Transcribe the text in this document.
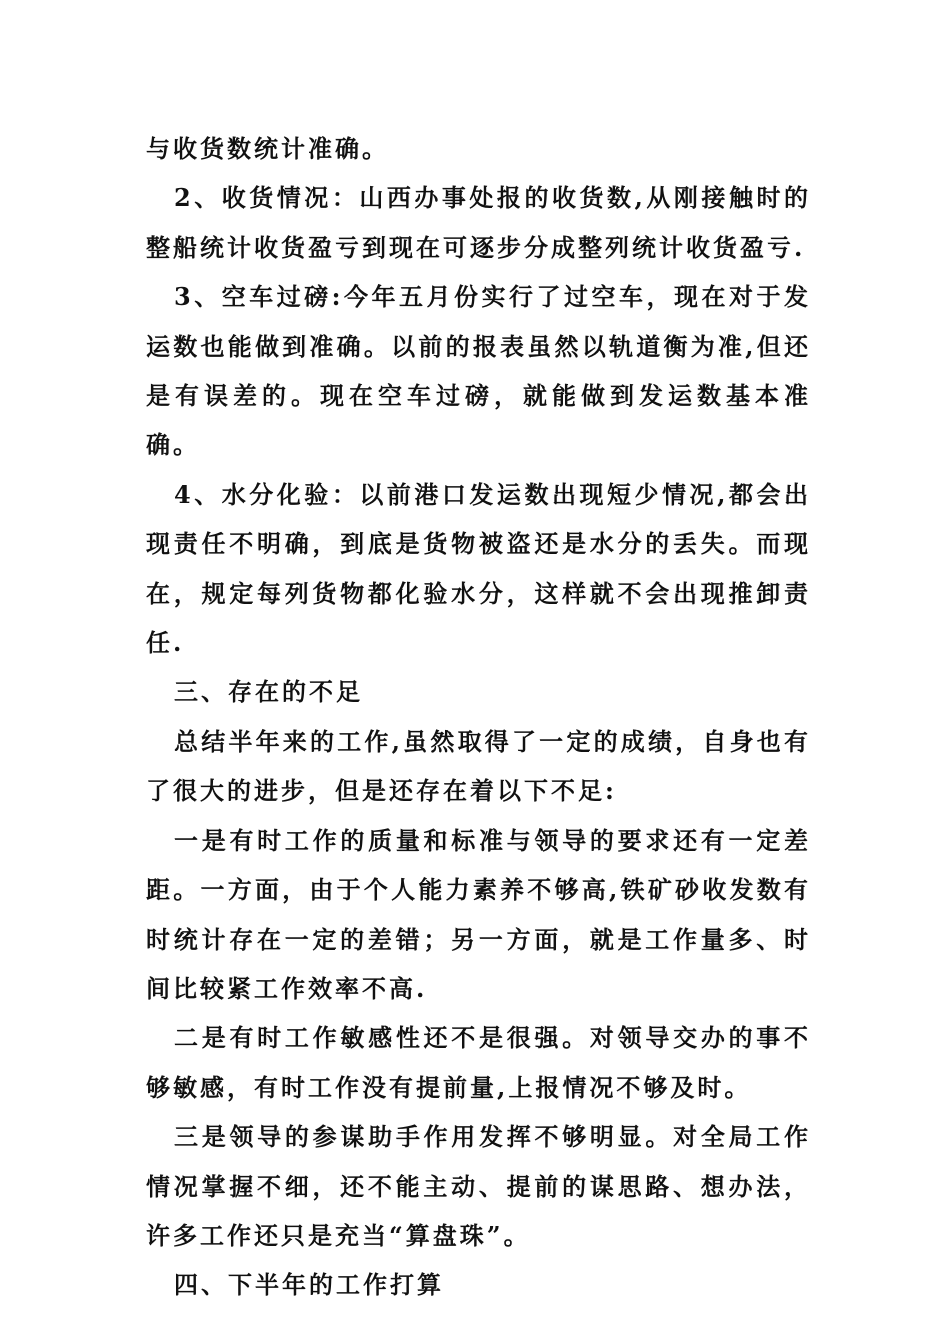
与收货数统计准确。

2、收货情况：山西办事处报的收货数,从刚接触时的整船统计收货盈亏到现在可逐步分成整列统计收货盈亏.

3、空车过磅:今年五月份实行了过空车，现在对于发运数也能做到准确。以前的报表虽然以轨道衡为准,但还是有误差的。现在空车过磅，就能做到发运数基本准确。

4、水分化验：以前港口发运数出现短少情况,都会出现责任不明确，到底是货物被盗还是水分的丢失。而现在，规定每列货物都化验水分，这样就不会出现推卸责任.

三、存在的不足

总结半年来的工作,虽然取得了一定的成绩，自身也有了很大的进步，但是还存在着以下不足:

一是有时工作的质量和标准与领导的要求还有一定差距。一方面，由于个人能力素养不够高,铁矿砂收发数有时统计存在一定的差错；另一方面，就是工作量多、时间比较紧工作效率不高.

二是有时工作敏感性还不是很强。对领导交办的事不够敏感，有时工作没有提前量,上报情况不够及时。

三是领导的参谋助手作用发挥不够明显。对全局工作情况掌握不细，还不能主动、提前的谋思路、想办法，许多工作还只是充当“算盘珠”。

四、下半年的工作打算
